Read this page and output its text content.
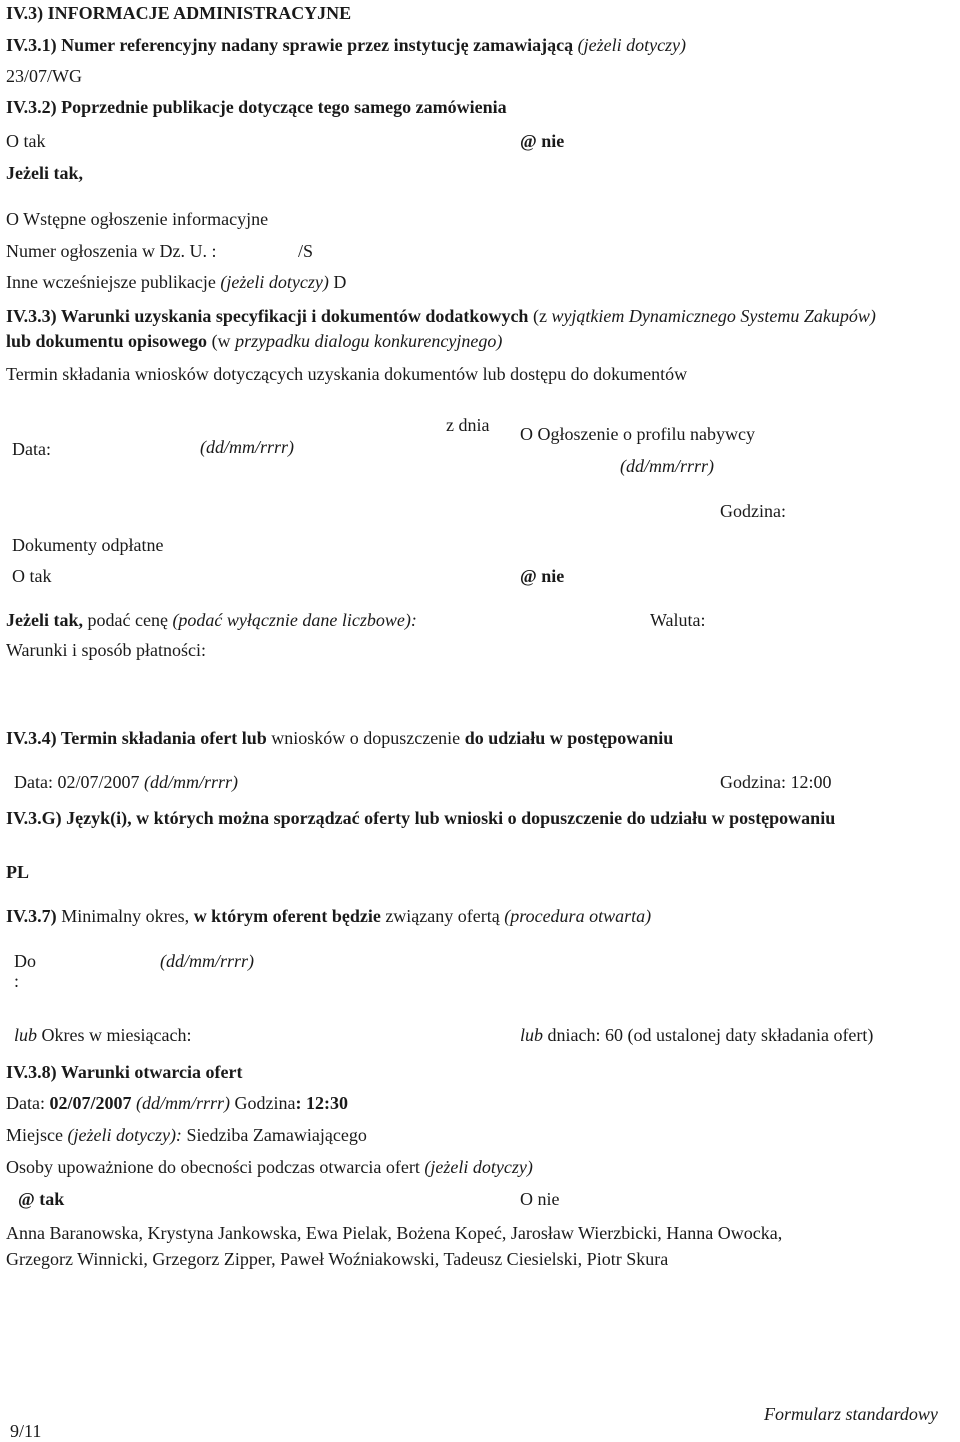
IV.3) INFORMACJE ADMINISTRACYJNE
IV.3.1) Numer referencyjny nadany sprawie przez instytucję zamawiającą (jeżeli dotyczy)
23/07/WG
IV.3.2) Poprzednie publikacje dotyczące tego samego zamówienia
O tak	@ nie
Jeżeli tak,
O Wstępne ogłoszenie informacyjne
Numer ogłoszenia w Dz. U. :	/S
Inne wcześniejsze publikacje (jeżeli dotyczy) D
IV.3.3) Warunki uzyskania specyfikacji i dokumentów dodatkowych (z wyjątkiem Dynamicznego Systemu Zakupów)
lub dokumentu opisowego (w przypadku dialogu konkurencyjnego)
Termin składania wniosków dotyczących uzyskania dokumentów lub dostępu do dokumentów
Data:	(dd/mm/rrrr)
z dnia O Ogłoszenie o profilu nabywcy
(dd/mm/rrrr)
Godzina:
Dokumenty odpłatne
O tak	@ nie
Jeżeli tak, podać cenę (podać wyłącznie dane liczbowe):	Waluta:
Warunki i sposób płatności:
IV.3.4) Termin składania ofert lub wniosków o dopuszczenie do udziału w postępowaniu
Data: 02/07/2007 (dd/mm/rrrr)	Godzina: 12:00
IV.3.G) Język(i), w których można sporządzać oferty lub wnioski o dopuszczenie do udziału w postępowaniu
PL
IV.3.7) Minimalny okres, w którym oferent będzie związany ofertą (procedura otwarta)
Do
:
(dd/mm/rrrr)
lub Okres w miesiącach:	lub dniach: 60 (od ustalonej daty składania ofert)
IV.3.8) Warunki otwarcia ofert
Data: 02/07/2007 (dd/mm/rrrr) Godzina: 12:30
Miejsce (jeżeli dotyczy): Siedziba Zamawiającego
Osoby upoważnione do obecności podczas otwarcia ofert (jeżeli dotyczy)
@ tak	O nie
Anna Baranowska, Krystyna Jankowska, Ewa Pielak, Bożena Kopeć, Jarosław Wierzbicki, Hanna Owocka,
Grzegorz Winnicki, Grzegorz Zipper, Paweł Woźniakowski, Tadeusz Ciesielski, Piotr Skura
9/11
Formularz standardowy
